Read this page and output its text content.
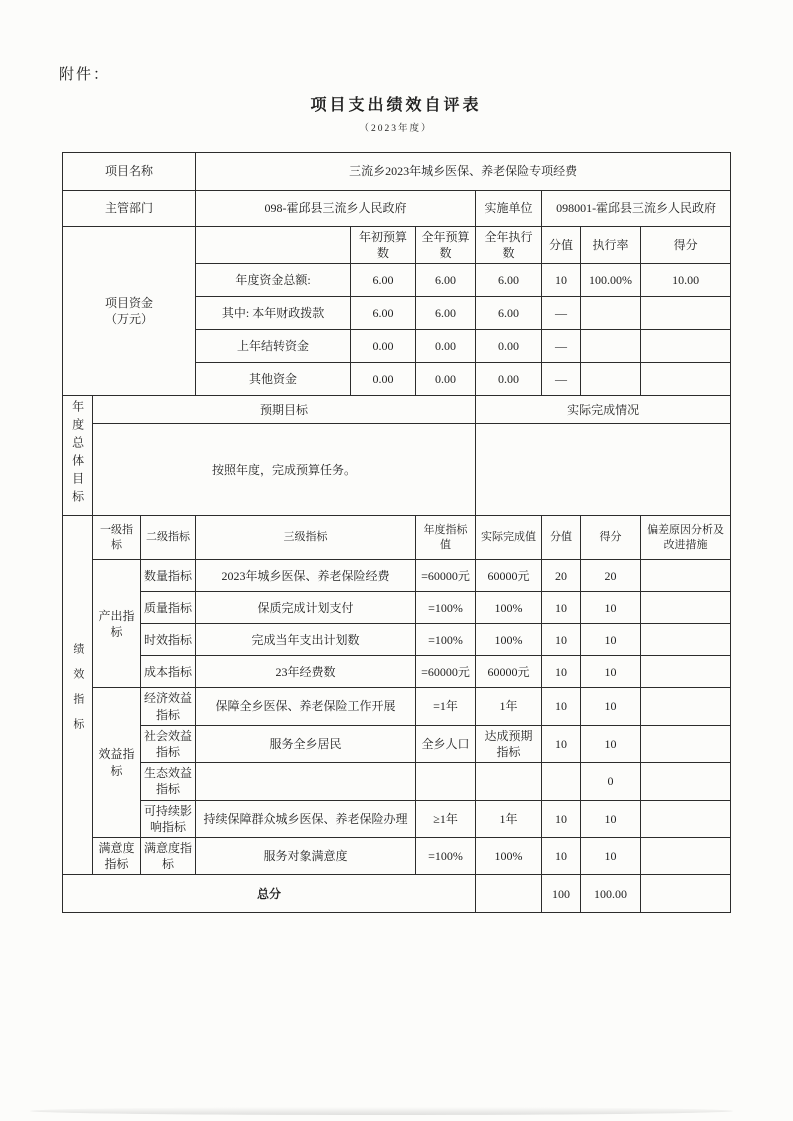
附件：
项目支出绩效自评表
（2023年度）
项目名称			三流乡2023年城乡医保、养老保险专项经费						
主管部门			098-霍邱县三流乡人民政府			实施单位	098001-霍邱县三流乡人民政府		

项目资金
（万元）				年初预算数	全年预算数	全年执行数	分值	执行率	得分
			年度资金总额:	6.00	6.00	6.00	10	100.00%	10.00
			其中: 本年财政拨款	6.00	6.00	6.00	—		
			上年结转资金	0.00	0.00	0.00	—		
			其他资金	0.00	0.00	0.00	—		
年度总体目标	预期目标					实际完成情况			
	按照年度，完成预算任务。								
绩效指标	一级指标	二级指标	三级指标		年度指标值	实际完成值	分值	得分	偏差原因分析及改进措施
	产出指标	数量指标	2023年城乡医保、养老保险经费		=60000元	60000元	20	20	
		质量指标	保质完成计划支付		=100%	100%	10	10	
		时效指标	完成当年支出计划数		=100%	100%	10	10	
		成本指标	23年经费数		=60000元	60000元	10	10	
	效益指标	经济效益指标	保障全乡医保、养老保险工作开展		=1年	1年	10	10	
		社会效益指标	服务全乡居民		全乡人口	达成预期指标	10	10	
		生态效益指标						0	
		可持续影响指标	持续保障群众城乡医保、养老保险办理		≥1年	1年	10	10	
	满意度指标	满意度指标	服务对象满意度		=100%	100%	10	10	
总分							100	100.00	
